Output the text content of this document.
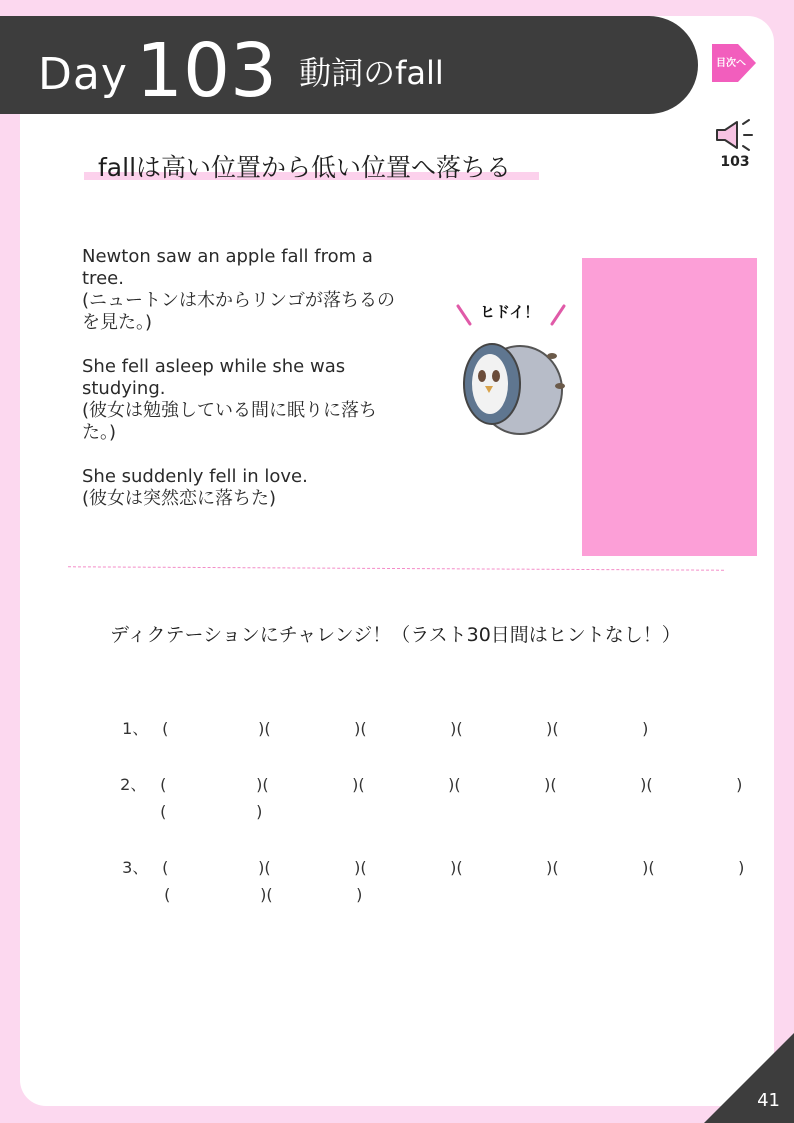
Day 103 動詞のfall	目次へ
103
fallは高い位置から低い位置へ落ちる
Newton saw an apple fall from a tree.
(ニュートンは木からリンゴが落ちるのを見た。)
She fell asleep while she was studying.
(彼女は勉強している間に眠りに落ちた。)
She suddenly fell in love.
(彼女は突然恋に落ちた)
ヒドイ！
ディクテーションにチャレンジ！（ラスト30日間はヒントなし！）

1、 (	)(	)(	)(	)(	)

2、 (	)(	)(	)(	)(	)(	)

(	)

3、 (	)(	)(	)(	)(	)(	)

(	)(	)

41
